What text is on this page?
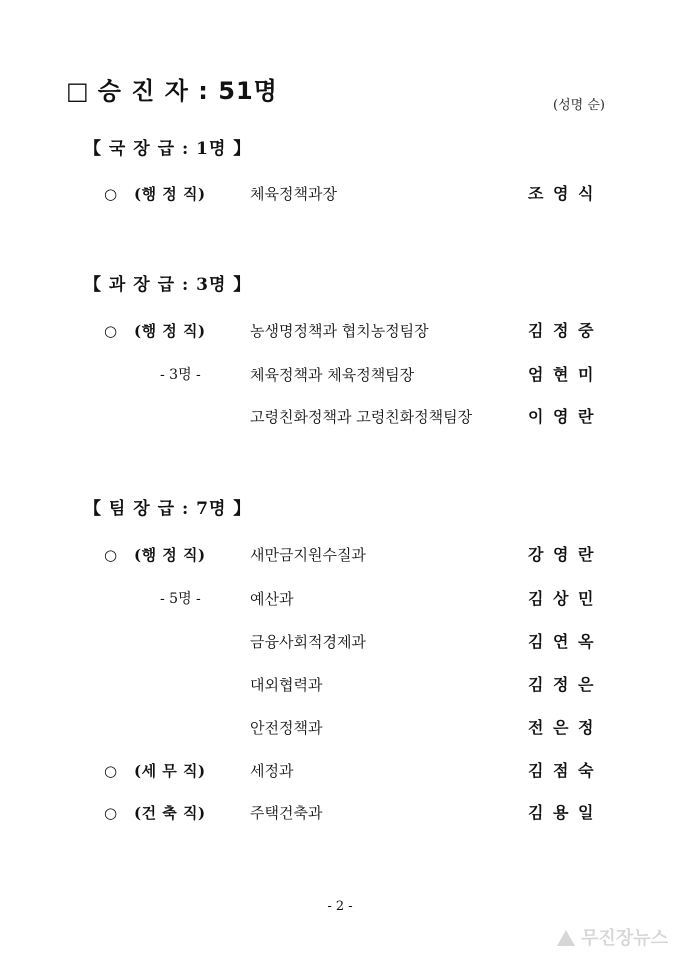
□ 승 진 자 : 51명
(성명 순)
【 국 장 급 : 1명 】
○ (행 정 직)	체육정책과장	조 영 식
【 과 장 급 : 3명 】
○ (행 정 직)	농생명정책과 협치농정팀장	김 정 중
- 3명 -	체육정책과 체육정책팀장	엄 현 미
고령친화정책과 고령친화정책팀장	이 영 란
【 팀 장 급 : 7명 】
○ (행 정 직)	새만금지원수질과	강 영 란
- 5명 -	예산과	김 상 민
금융사회적경제과	김 연 옥
대외협력과	김 정 은
안전정책과	전 은 정
○ (세 무 직)	세정과	김 점 숙
○ (건 축 직)	주택건축과	김 용 일
- 2 -
무진장뉴스
